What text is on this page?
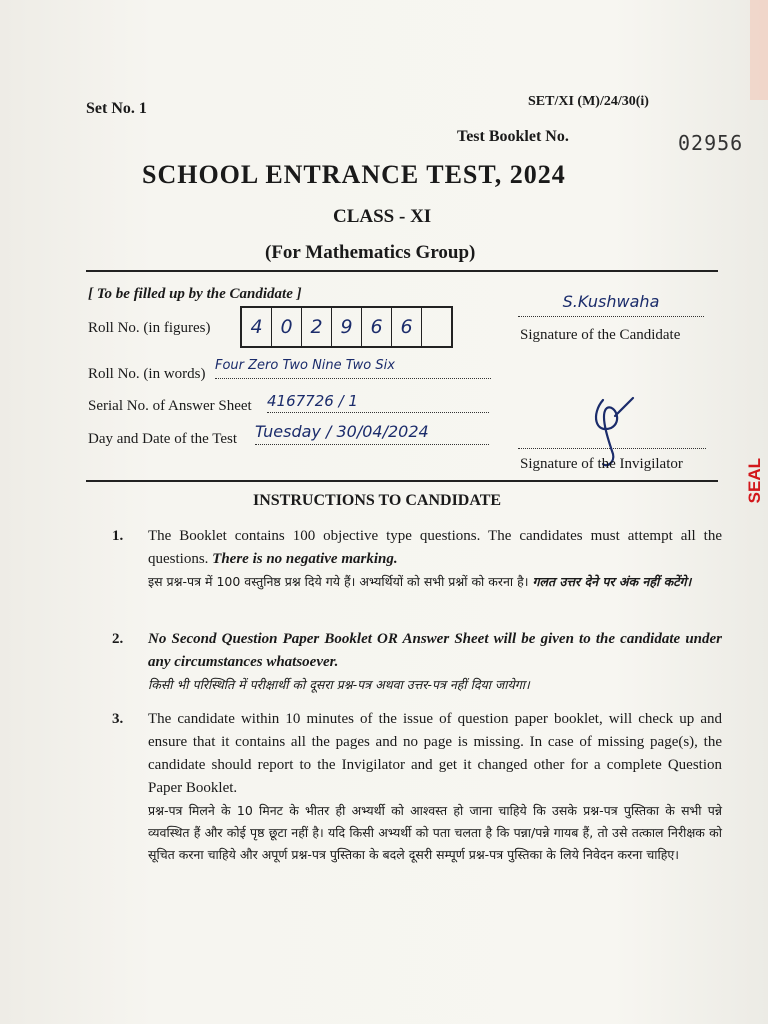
Set No. 1	SET/XI (M)/24/30(i)
Test Booklet No.	02956
SCHOOL ENTRANCE TEST, 2024
CLASS - XI
(For Mathematics Group)
[ To be filled up by the Candidate ]
Roll No. (in figures)	4 0 2 9 6 6
Roll No. (in words)
Four Zero Two Nine Two Six
Serial No. of Answer Sheet 4167726 / 1
Day and Date of the Test Tuesday / 30/04/2024
S.Kushwaha
Signature of the Candidate
Signature of the Invigilator	SEAL
INSTRUCTIONS TO CANDIDATE
1. The Booklet contains 100 objective type questions. The candidates must attempt all the questions. There is no negative marking.
इस प्रश्न-पत्र में 100 वस्तुनिष्ठ प्रश्न दिये गये हैं। अभ्यर्थियों को सभी प्रश्नों को करना है। गलत उत्तर देने पर अंक नहीं कटेंगे।
2. No Second Question Paper Booklet OR Answer Sheet will be given to the candidate under any circumstances whatsoever.
किसी भी परिस्थिति में परीक्षार्थी को दूसरा प्रश्न-पत्र अथवा उत्तर-पत्र नहीं दिया जायेगा।
3. The candidate within 10 minutes of the issue of question paper booklet, will check up and ensure that it contains all the pages and no page is missing. In case of missing page(s), the candidate should report to the Invigilator and get it changed other for a complete Question Paper Booklet.
प्रश्न-पत्र मिलने के 10 मिनट के भीतर ही अभ्यर्थी को आश्वस्त हो जाना चाहिये कि उसके प्रश्न-पत्र पुस्तिका के सभी पन्ने व्यवस्थित हैं और कोई पृष्ठ छूटा नहीं है। यदि किसी अभ्यर्थी को पता चलता है कि पन्ना/पन्ने गायब हैं, तो उसे तत्काल निरीक्षक को सूचित करना चाहिये और अपूर्ण प्रश्न-पत्र पुस्तिका के बदले दूसरी सम्पूर्ण प्रश्न-पत्र पुस्तिका के लिये निवेदन करना चाहिए।
